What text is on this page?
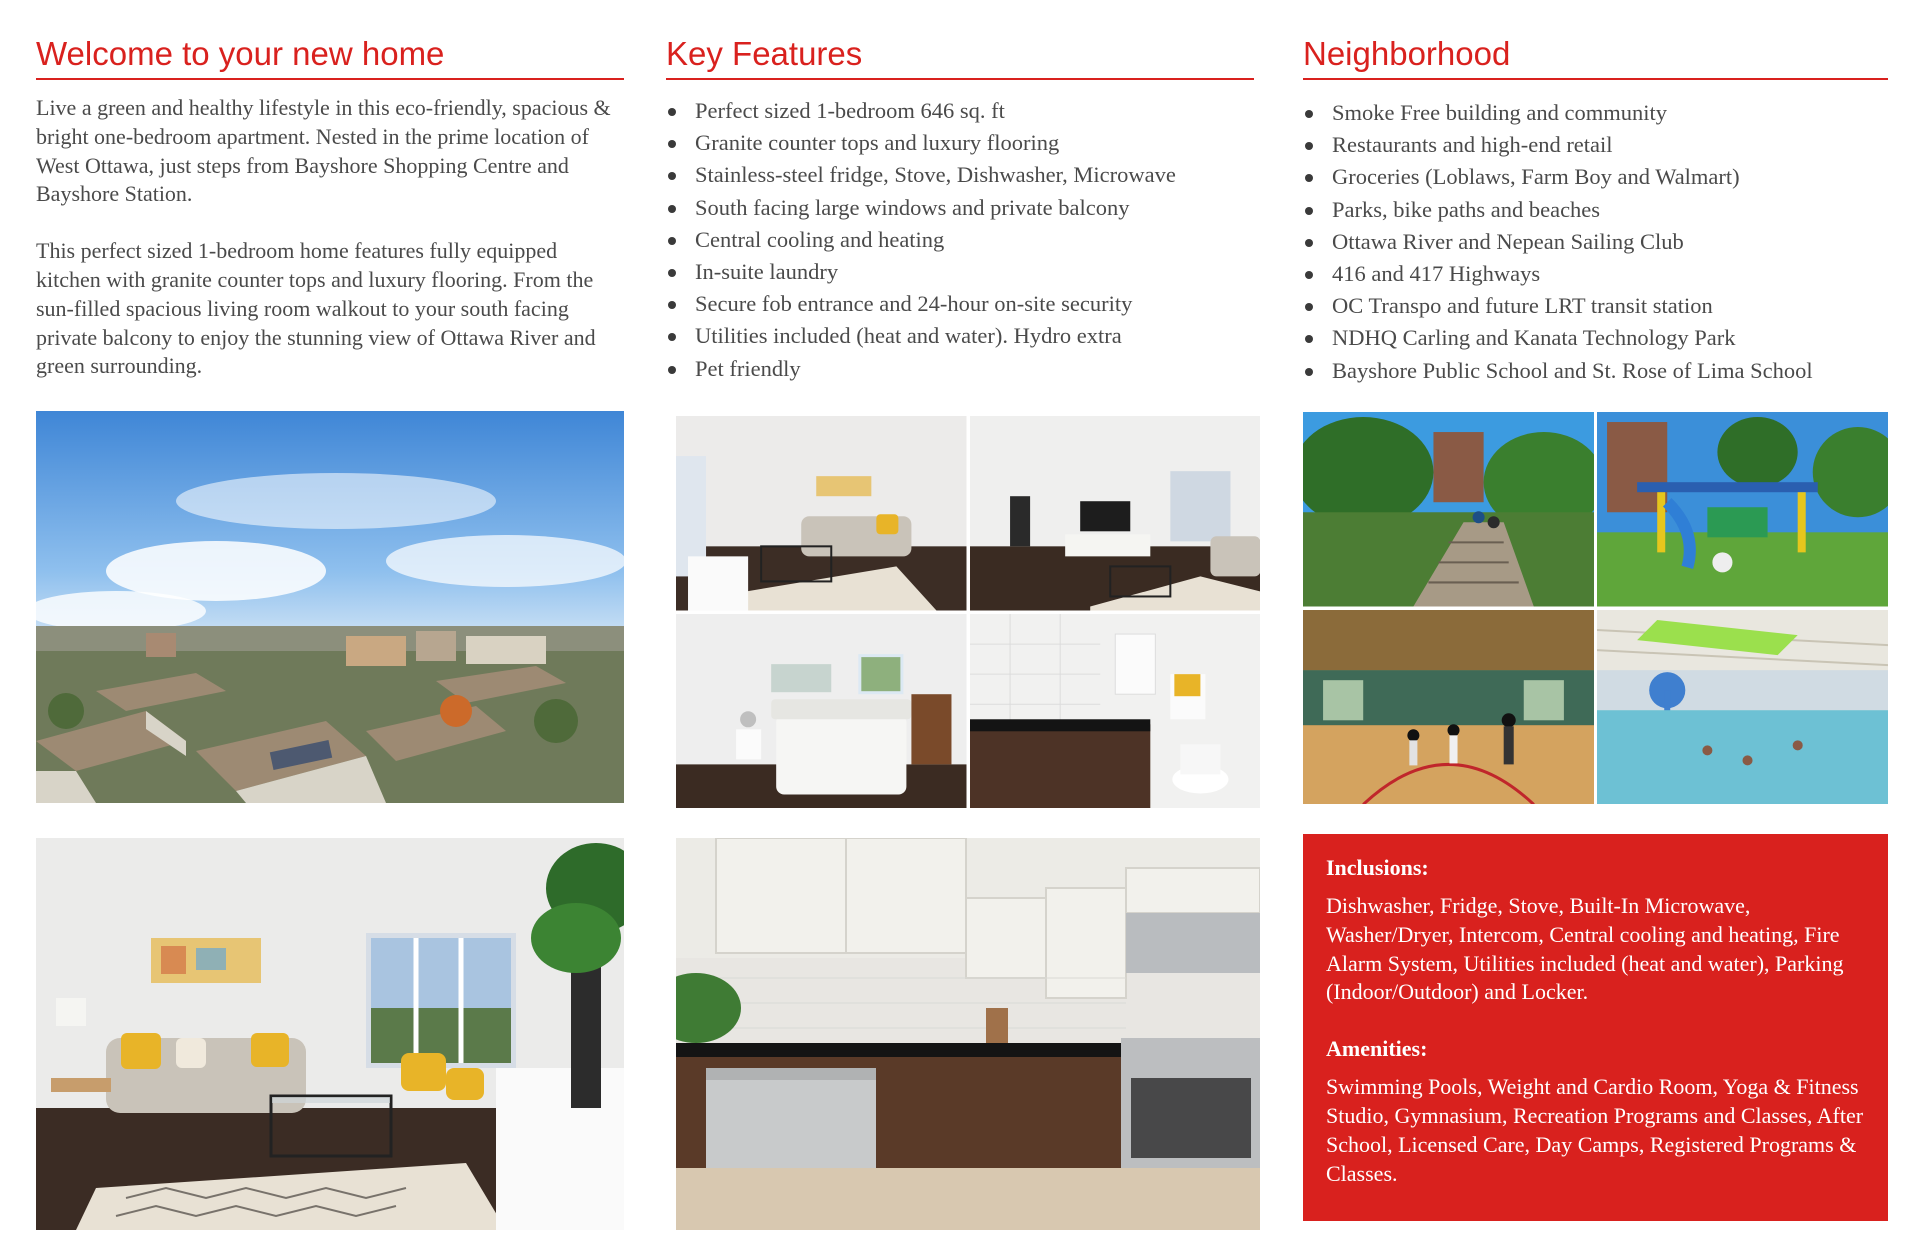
Welcome to your new home

Live a green and healthy lifestyle in this eco-friendly, spacious & bright one-bedroom apartment. Nested in the prime location of West Ottawa, just steps from Bayshore Shopping Centre and Bayshore Station.

This perfect sized 1-bedroom home features fully equipped kitchen with granite counter tops and luxury flooring. From the sun-filled spacious living room walkout to your south facing private balcony to enjoy the stunning view of Ottawa River and green surrounding.

Key Features
Perfect sized 1-bedroom 646 sq. ft
Granite counter tops and luxury flooring
Stainless-steel fridge, Stove, Dishwasher, Microwave
South facing large windows and private balcony
Central cooling and heating
In-suite laundry
Secure fob entrance and 24-hour on-site security
Utilities included (heat and water). Hydro extra
Pet friendly
Neighborhood
Smoke Free building and community
Restaurants and high-end retail
Groceries (Loblaws, Farm Boy and Walmart)
Parks, bike paths and beaches
Ottawa River and Nepean Sailing Club
416 and 417 Highways
OC Transpo and future LRT transit station
NDHQ Carling and Kanata Technology Park
Bayshore Public School and St. Rose of Lima School
Inclusions:
Dishwasher, Fridge, Stove, Built-In Microwave, Washer/Dryer, Intercom, Central cooling and heating, Fire Alarm System, Utilities included (heat and water), Parking (Indoor/Outdoor) and Locker.
Amenities:
Swimming Pools, Weight and Cardio Room, Yoga & Fitness Studio, Gymnasium, Recreation Programs and Classes, After School, Licensed Care, Day Camps, Registered Programs & Classes.
